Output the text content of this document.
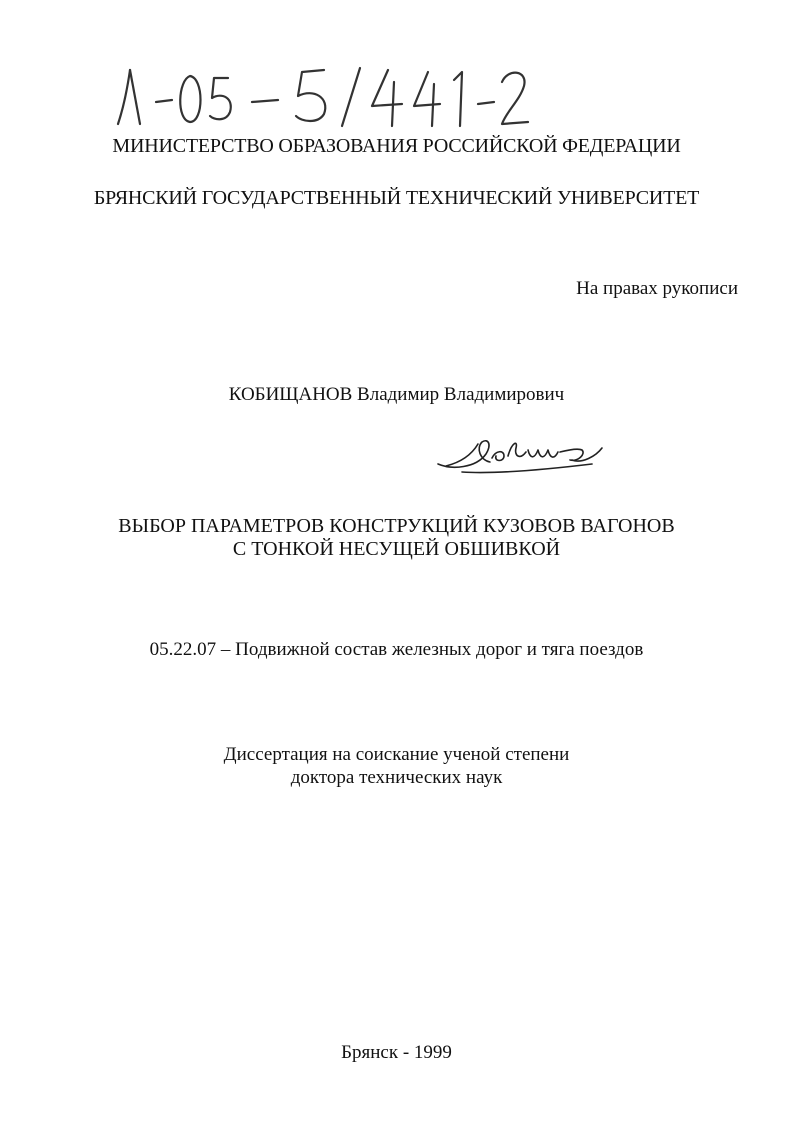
МИНИСТЕРСТВО ОБРАЗОВАНИЯ РОССИЙСКОЙ ФЕДЕРАЦИИ
БРЯНСКИЙ ГОСУДАРСТВЕННЫЙ ТЕХНИЧЕСКИЙ УНИВЕРСИТЕТ
На правах рукописи
КОБИЩАНОВ Владимир Владимирович
ВЫБОР ПАРАМЕТРОВ КОНСТРУКЦИЙ КУЗОВОВ ВАГОНОВ
С ТОНКОЙ НЕСУЩЕЙ ОБШИВКОЙ
05.22.07 – Подвижной состав железных дорог и тяга поездов
Диссертация на соискание ученой степени
доктора технических наук
Брянск - 1999
